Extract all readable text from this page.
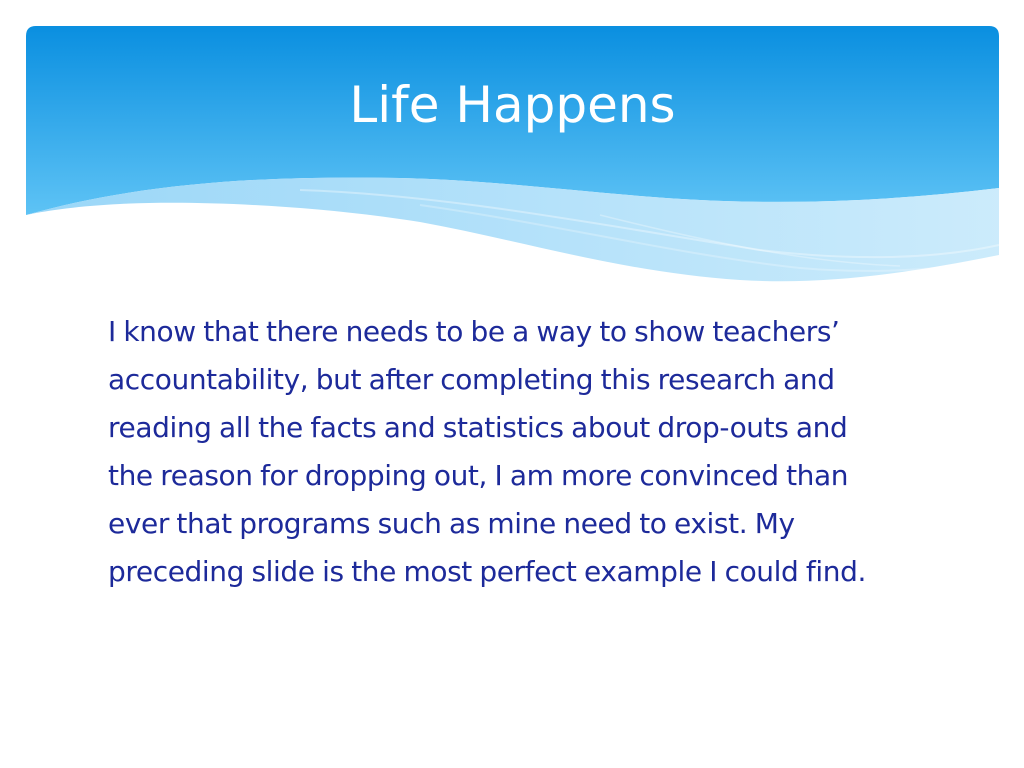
Life Happens

I know that there needs to be a way to show teachers’ accountability, but after completing this research and reading all the facts and statistics about drop-outs and the reason for dropping out, I am more convinced than ever that programs such as mine need to exist. My preceding slide is the most perfect example I could find.
